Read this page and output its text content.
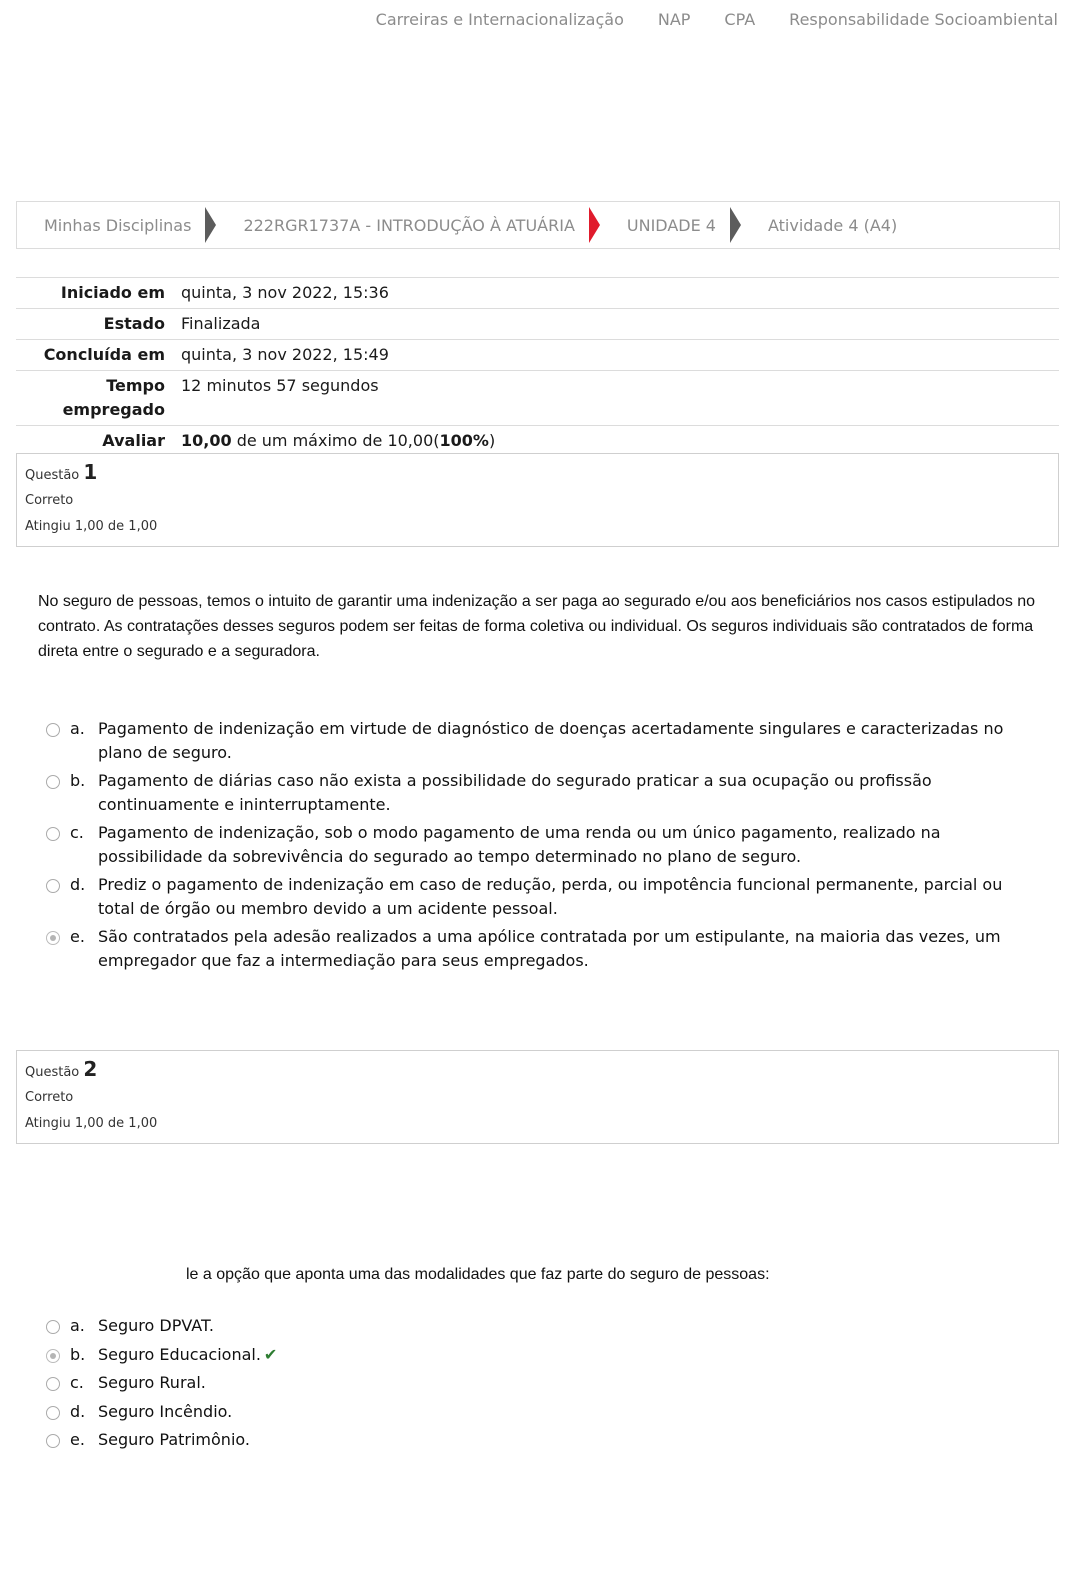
Carreiras e Internacionalização NAP CPA Responsabilidade Socioambiental
Minhas Disciplinas	222RGR1737A - INTRODUÇÃO À ATUÁRIA	UNIDADE 4	Atividade 4 (A4)
Iniciado em	quinta, 3 nov 2022, 15:36
Estado	Finalizada
Concluída em	quinta, 3 nov 2022, 15:49
Tempo
empregado	12 minutos 57 segundos
Avaliar	10,00 de um máximo de 10,00(100%)
Questão 1
Correto
Atingiu 1,00 de 1,00
No seguro de pessoas, temos o intuito de garantir uma indenização a ser paga ao segurado e/ou aos beneficiários nos casos estipulados no contrato. As contratações desses seguros podem ser feitas de forma coletiva ou individual. Os seguros individuais são contratados de forma direta entre o segurado e a seguradora.
a. Pagamento de indenização em virtude de diagnóstico de doenças acertadamente singulares e caracterizadas no plano de seguro.
b. Pagamento de diárias caso não exista a possibilidade do segurado praticar a sua ocupação ou profissão continuamente e ininterruptamente.
c. Pagamento de indenização, sob o modo pagamento de uma renda ou um único pagamento, realizado na possibilidade da sobrevivência do segurado ao tempo determinado no plano de seguro.
d. Prediz o pagamento de indenização em caso de redução, perda, ou impotência funcional permanente, parcial ou total de órgão ou membro devido a um acidente pessoal.
e. São contratados pela adesão realizados a uma apólice contratada por um estipulante, na maioria das vezes, um empregador que faz a intermediação para seus empregados.
Questão 2
Correto
Atingiu 1,00 de 1,00
le a opção que aponta uma das modalidades que faz parte do seguro de pessoas:
a. Seguro DPVAT.
b. Seguro Educacional. ✔
c. Seguro Rural.
d. Seguro Incêndio.
e. Seguro Patrimônio.
